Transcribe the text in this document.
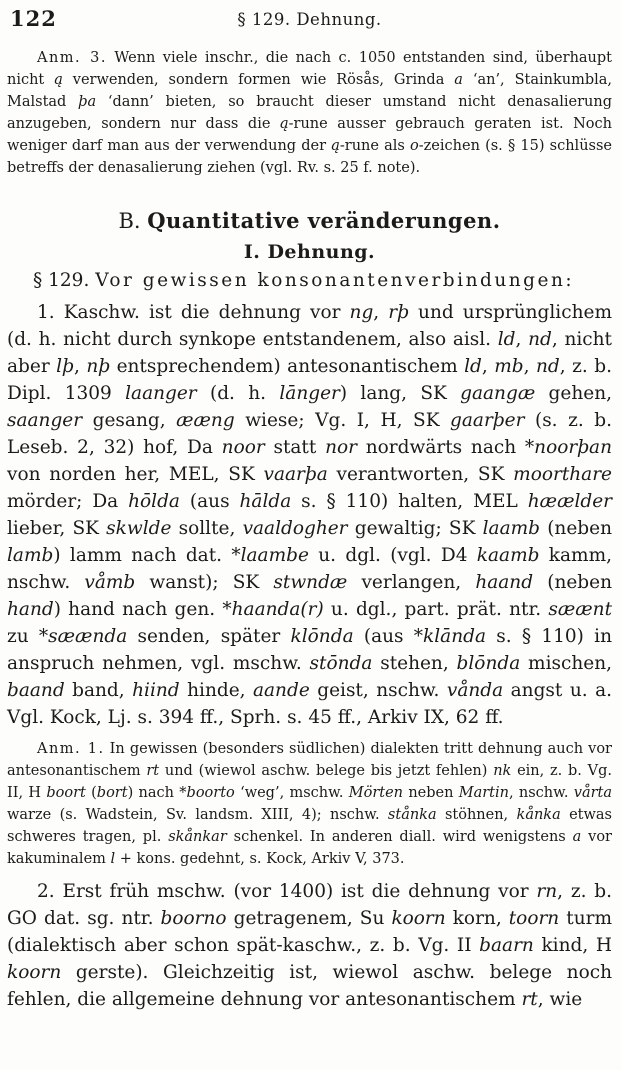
122	§ 129. Dehnung.

Anm. 3. Wenn viele inschr., die nach c. 1050 entstanden sind, überhaupt nicht ą verwenden, sondern formen wie Rösås, Grinda a ‘an’, Stainkumbla, Malstad þa ‘dann’ bieten, so braucht dieser umstand nicht denasalierung anzugeben, sondern nur dass die ą-rune ausser gebrauch geraten ist. Noch weniger darf man aus der verwendung der ą-rune als o-zeichen (s. § 15) schlüsse betreffs der denasalierung ziehen (vgl. Rv. s. 25 f. note).

B. Quantitative veränderungen.
I. Dehnung.

§ 129. Vor gewissen konsonantenverbindungen:

1. Kaschw. ist die dehnung vor ng, rþ und ursprünglichem (d. h. nicht durch synkope entstandenem, also aisl. ld, nd, nicht aber lþ, nþ entsprechendem) antesonantischem ld, mb, nd, z. b. Dipl. 1309 laanger (d. h. lānger) lang, SK gaangæ gehen, saanger gesang, ææng wiese; Vg. I, H, SK gaarþer (s. z. b. Leseb. 2, 32) hof, Da noor statt nor nordwärts nach *noorþan von norden her, MEL, SK vaarþa verantworten, SK moorthare mörder; Da hōlda (aus hālda s. § 110) halten, MEL hæælder lieber, SK skwlde sollte, vaaldogher gewaltig; SK laamb (neben lamb) lamm nach dat. *laambe u. dgl. (vgl. D4 kaamb kamm, nschw. våmb wanst); SK stwndæ verlangen, haand (neben hand) hand nach gen. *haanda(r) u. dgl., part. prät. ntr. sæænt zu *sæænda senden, später klōnda (aus *klānda s. § 110) in anspruch nehmen, vgl. mschw. stōnda stehen, blōnda mischen, baand band, hiind hinde, aande geist, nschw. vånda angst u. a. Vgl. Kock, Lj. s. 394 ff., Sprh. s. 45 ff., Arkiv IX, 62 ff.

Anm. 1. In gewissen (besonders südlichen) dialekten tritt dehnung auch vor antesonantischem rt und (wiewol aschw. belege bis jetzt fehlen) nk ein, z. b. Vg. II, H boort (bort) nach *boorto ‘weg’, mschw. Mörten neben Martin, nschw. vårta warze (s. Wadstein, Sv. landsm. XIII, 4); nschw. stånka stöhnen, kånka etwas schweres tragen, pl. skånkar schenkel. In anderen diall. wird wenigstens a vor kakuminalem l + kons. gedehnt, s. Kock, Arkiv V, 373.

2. Erst früh mschw. (vor 1400) ist die dehnung vor rn, z. b. GO dat. sg. ntr. boorno getragenem, Su koorn korn, toorn turm (dialektisch aber schon spät-kaschw., z. b. Vg. II baarn kind, H koorn gerste). Gleichzeitig ist, wiewol aschw. belege noch fehlen, die allgemeine dehnung vor antesonantischem rt, wie
